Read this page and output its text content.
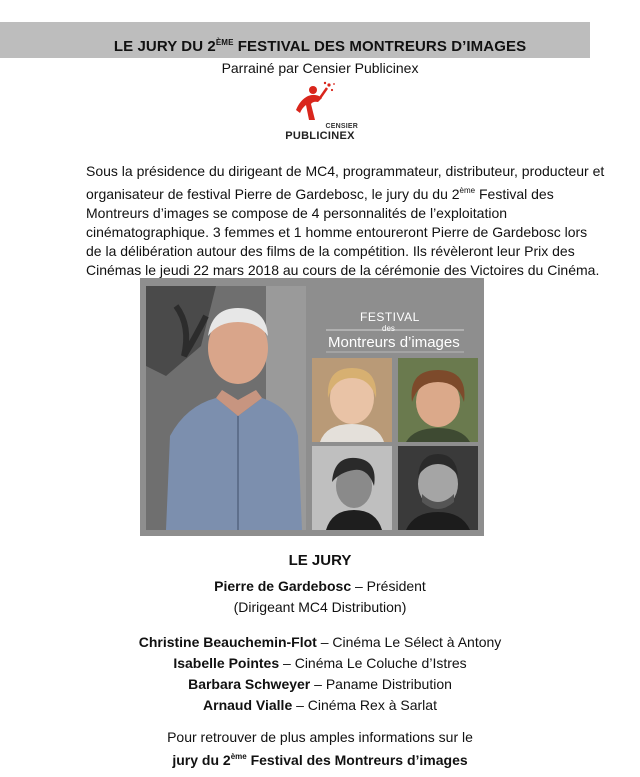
LE JURY DU 2ÈME FESTIVAL DES MONTREURS D’IMAGES
Parrainé par Censier Publicinex
CENSIER
PUBLICINEX
Sous la présidence du dirigeant de MC4, programmateur, distributeur, producteur et organisateur de festival Pierre de Gardebosc, le jury du du 2ème Festival des Montreurs d’images se compose de 4 personnalités de l’exploitation cinématographique. 3 femmes et 1 homme entoureront Pierre de Gardebosc lors de la délibération autour des films de la compétition. Ils révèleront leur Prix des Cinémas le jeudi 22 mars 2018 au cours de la cérémonie des Victoires du Cinéma.
FESTIVAL
des
Montreurs d’images
LE JURY
Pierre de Gardebosc – Président
(Dirigeant MC4 Distribution)
Christine Beauchemin-Flot – Cinéma Le Sélect à Antony
Isabelle Pointes – Cinéma Le Coluche d’Istres
Barbara Schweyer – Paname Distribution
Arnaud Vialle – Cinéma Rex à Sarlat
Pour retrouver de plus amples informations sur le
jury du 2ème Festival des Montreurs d’images
